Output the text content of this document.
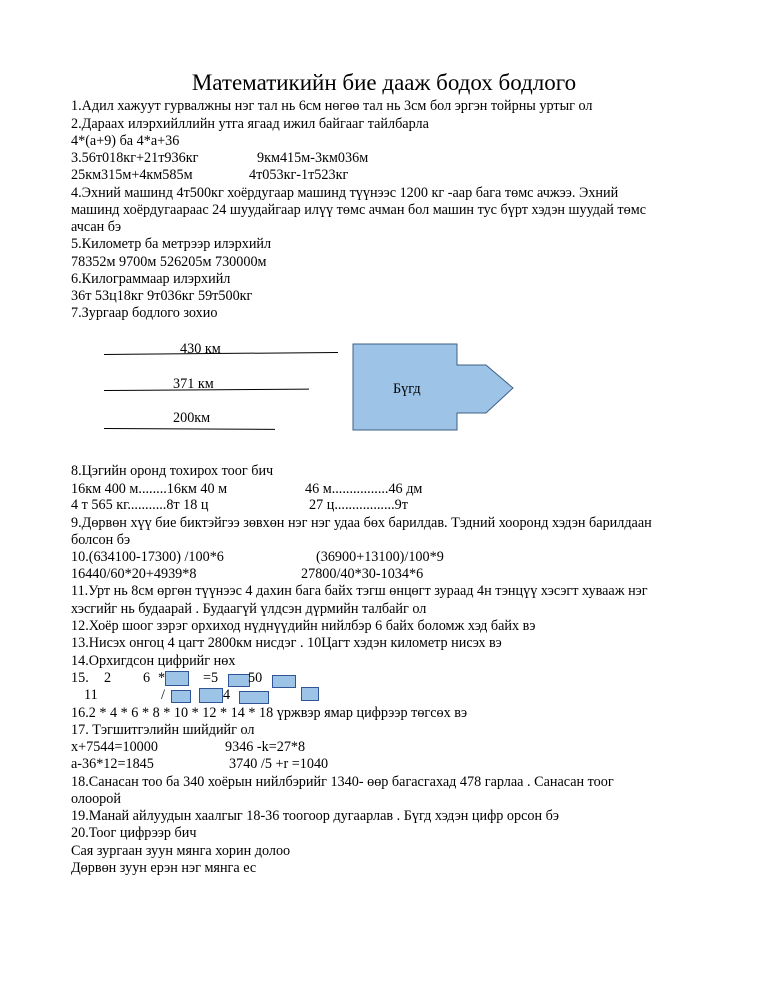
Математикийн бие дааж бодох бодлого
1.Адил хажуут гурвалжны нэг тал нь 6см нөгөө тал нь 3см бол эргэн тойрны уртыг ол
2.Дараах илэрхийллийн утга ягаад ижил байгааг тайлбарла
4*(a+9) ба 4*a+36
3.56т018кг+21т936кг	9км415м-3км036м
25км315м+4км585м	4т053кг-1т523кг
4.Эхний машинд 4т500кг хоёрдугаар машинд түүнээс 1200 кг -аар бага төмс ачжээ. Эхний
машинд хоёрдугаараас 24 шуудайгаар илүү төмс ачман бол машин тус бүрт хэдэн шуудай төмс
ачсан бэ
5.Километр ба метрээр илэрхийл
78352м 9700м 526205м 730000м
6.Килограммаар илэрхийл
36т 53ц18кг 9т036кг 59т500кг
7.Зургаар бодлого зохио
430 км
371 км
200км
Бүгд
8.Цэгийн оронд тохирох тоог бич
16км 400 м........16км 40 м	46 м................46 дм
4 т 565 кг...........8т 18 ц	27 ц.................9т
9.Дөрвөн хүү бие биктэйгээ зөвхөн нэг нэг удаа бөх барилдав. Тэдний хооронд хэдэн барилдаан
болсон бэ
10.(634100-17300) /100*6	(36900+13100)/100*9
16440/60*20+4939*8	27800/40*30-1034*6
11.Урт нь 8см өргөн түүнээс 4 дахин бага байх тэгш өнцөгт зураад 4н тэнцүү хэсэгт хувааж нэг
хэсгийг нь будаарай . Будаагүй үлдсэн дүрмийн талбайг ол
12.Хоёр шоог зэрэг орхиход нүднүүдийн нийлбэр 6 байх боломж хэд байх вэ
13.Нисэх онгоц 4 цагт 2800км нисдэг . 10Цагт хэдэн километр нисэх вэ
14.Орхигдсон цифрийг нөх
15. 2 6 *	=5 50
11	/	4
16.2 * 4 * 6 * 8 * 10 * 12 * 14 * 18 үржвэр ямар цифрээр төгсөх вэ
17. Тэгшитгэлийн шийдийг ол
x+7544=10000	9346 -k=27*8
a-36*12=1845	3740 /5 +r =1040
18.Санасан тоо ба 340 хоёрын нийлбэрийг 1340- өөр багасгахад 478 гарлаа . Санасан тоог
олоорой
19.Манай айлуудын хаалгыг 18-36 тоогоор дугаарлав . Бүгд хэдэн цифр орсон бэ
20.Тоог цифрээр бич
Сая зургаан зуун мянга хорин долоо
Дөрвөн зуун ерэн нэг мянга ес
